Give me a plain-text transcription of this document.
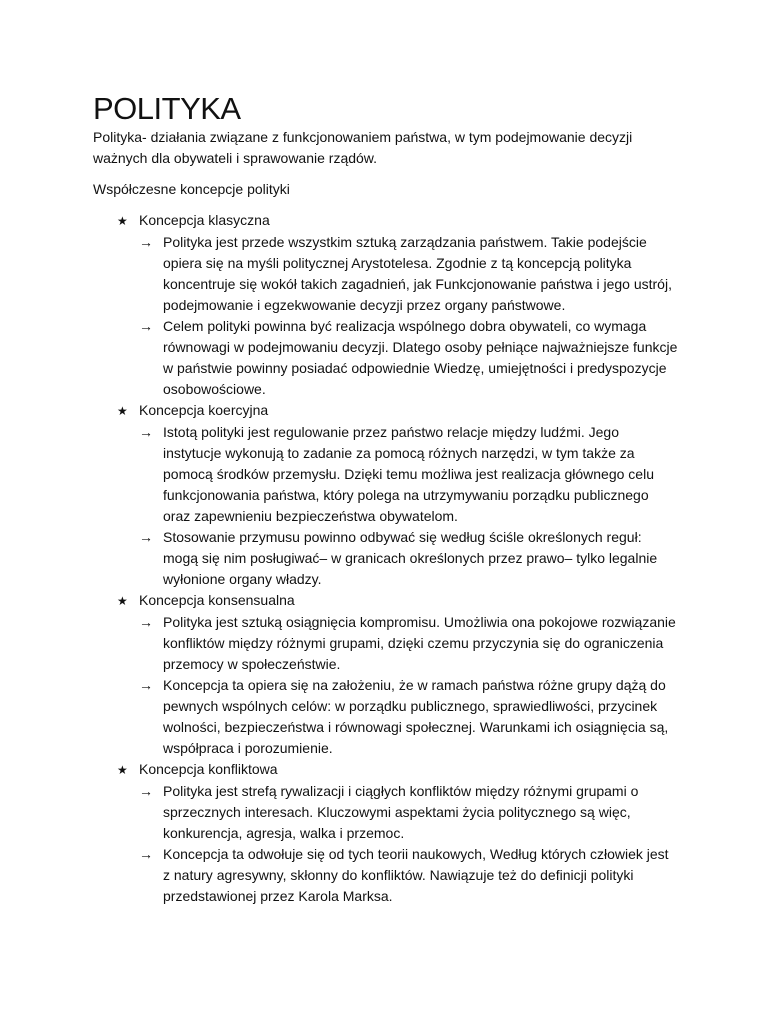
POLITYKA

Polityka- działania związane z funkcjonowaniem państwa, w tym podejmowanie decyzji ważnych dla obywateli i sprawowanie rządów.

Współczesne koncepcje polityki

★ Koncepcja klasyczna
→ Polityka jest przede wszystkim sztuką zarządzania państwem. Takie podejście opiera się na myśli politycznej Arystotelesa. Zgodnie z tą koncepcją polityka koncentruje się wokół takich zagadnień, jak Funkcjonowanie państwa i jego ustrój, podejmowanie i egzekwowanie decyzji przez organy państwowe.
→ Celem polityki powinna być realizacja wspólnego dobra obywateli, co wymaga równowagi w podejmowaniu decyzji. Dlatego osoby pełniące najważniejsze funkcje w państwie powinny posiadać odpowiednie Wiedzę, umiejętności i predyspozycje osobowościowe.
★ Koncepcja koercyjna
→ Istotą polityki jest regulowanie przez państwo relacje między ludźmi. Jego instytucje wykonują to zadanie za pomocą różnych narzędzi, w tym także za pomocą środków przemysłu. Dzięki temu możliwa jest realizacja głównego celu funkcjonowania państwa, który polega na utrzymywaniu porządku publicznego oraz zapewnieniu bezpieczeństwa obywatelom.
→ Stosowanie przymusu powinno odbywać się według ściśle określonych reguł: mogą się nim posługiwać– w granicach określonych przez prawo– tylko legalnie wyłonione organy władzy.
★ Koncepcja konsensualna
→ Polityka jest sztuką osiągnięcia kompromisu. Umożliwia ona pokojowe rozwiązanie konfliktów między różnymi grupami, dzięki czemu przyczynia się do ograniczenia przemocy w społeczeństwie.
→ Koncepcja ta opiera się na założeniu, że w ramach państwa różne grupy dążą do pewnych wspólnych celów: w porządku publicznego, sprawiedliwości, przycinek wolności, bezpieczeństwa i równowagi społecznej. Warunkami ich osiągnięcia są, współpraca i porozumienie.
★ Koncepcja konfliktowa
→ Polityka jest strefą rywalizacji i ciągłych konfliktów między różnymi grupami o sprzecznych interesach. Kluczowymi aspektami życia politycznego są więc, konkurencja, agresja, walka i przemoc.
→ Koncepcja ta odwołuje się od tych teorii naukowych, Według których człowiek jest z natury agresywny, skłonny do konfliktów. Nawiązuje też do definicji polityki przedstawionej przez Karola Marksa.
